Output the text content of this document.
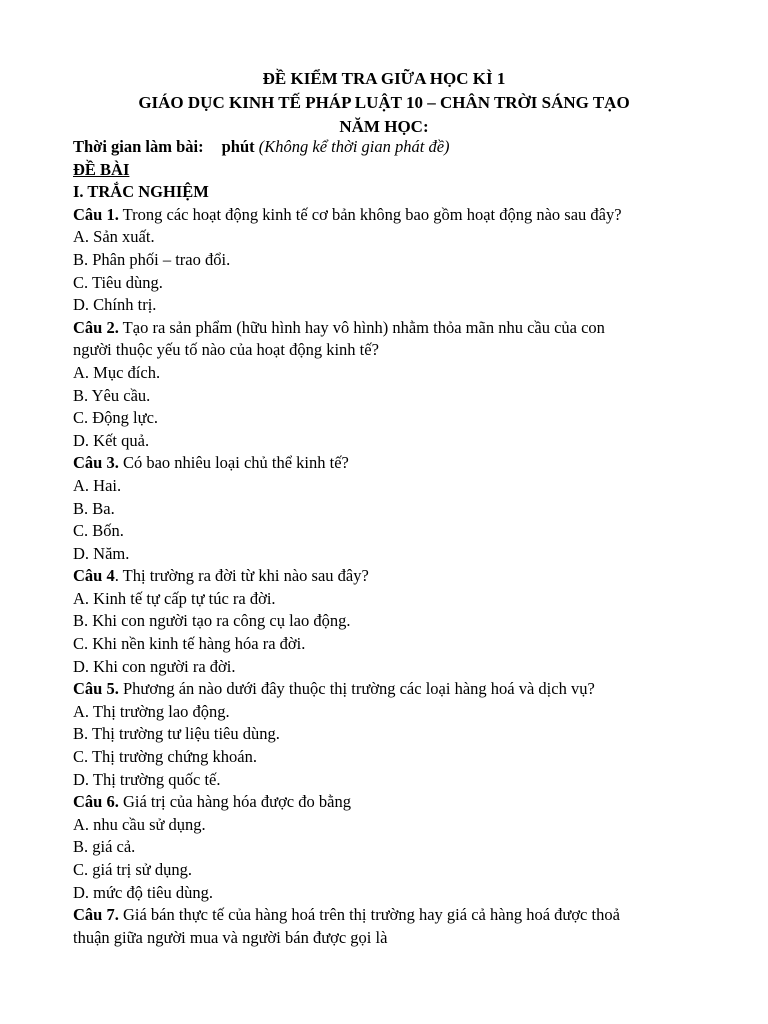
ĐỀ KIỂM TRA GIỮA HỌC KÌ 1
GIÁO DỤC KINH TẾ PHÁP LUẬT 10 – CHÂN TRỜI SÁNG TẠO
NĂM HỌC:
Thời gian làm bài: phút (Không kể thời gian phát đề)
ĐỀ BÀI
I. TRẮC NGHIỆM
Câu 1. Trong các hoạt động kinh tế cơ bản không bao gồm hoạt động nào sau đây?
A. Sản xuất.
B. Phân phối – trao đổi.
C. Tiêu dùng.
D. Chính trị.
Câu 2. Tạo ra sản phẩm (hữu hình hay vô hình) nhằm thỏa mãn nhu cầu của con
người thuộc yếu tố nào của hoạt động kinh tế?
A. Mục đích.
B. Yêu cầu.
C. Động lực.
D. Kết quả.
Câu 3. Có bao nhiêu loại chủ thể kinh tế?
A. Hai.
B. Ba.
C. Bốn.
D. Năm.
Câu 4. Thị trường ra đời từ khi nào sau đây?
A. Kinh tế tự cấp tự túc ra đời.
B. Khi con người tạo ra công cụ lao động.
C. Khi nền kinh tế hàng hóa ra đời.
D. Khi con người ra đời.
Câu 5. Phương án nào dưới đây thuộc thị trường các loại hàng hoá và dịch vụ?
A. Thị trường lao động.
B. Thị trường tư liệu tiêu dùng.
C. Thị trường chứng khoán.
D. Thị trường quốc tế.
Câu 6. Giá trị của hàng hóa được đo bằng
A. nhu cầu sử dụng.
B. giá cả.
C. giá trị sử dụng.
D. mức độ tiêu dùng.
Câu 7. Giá bán thực tế của hàng hoá trên thị trường hay giá cả hàng hoá được thoả
thuận giữa người mua và người bán được gọi là
